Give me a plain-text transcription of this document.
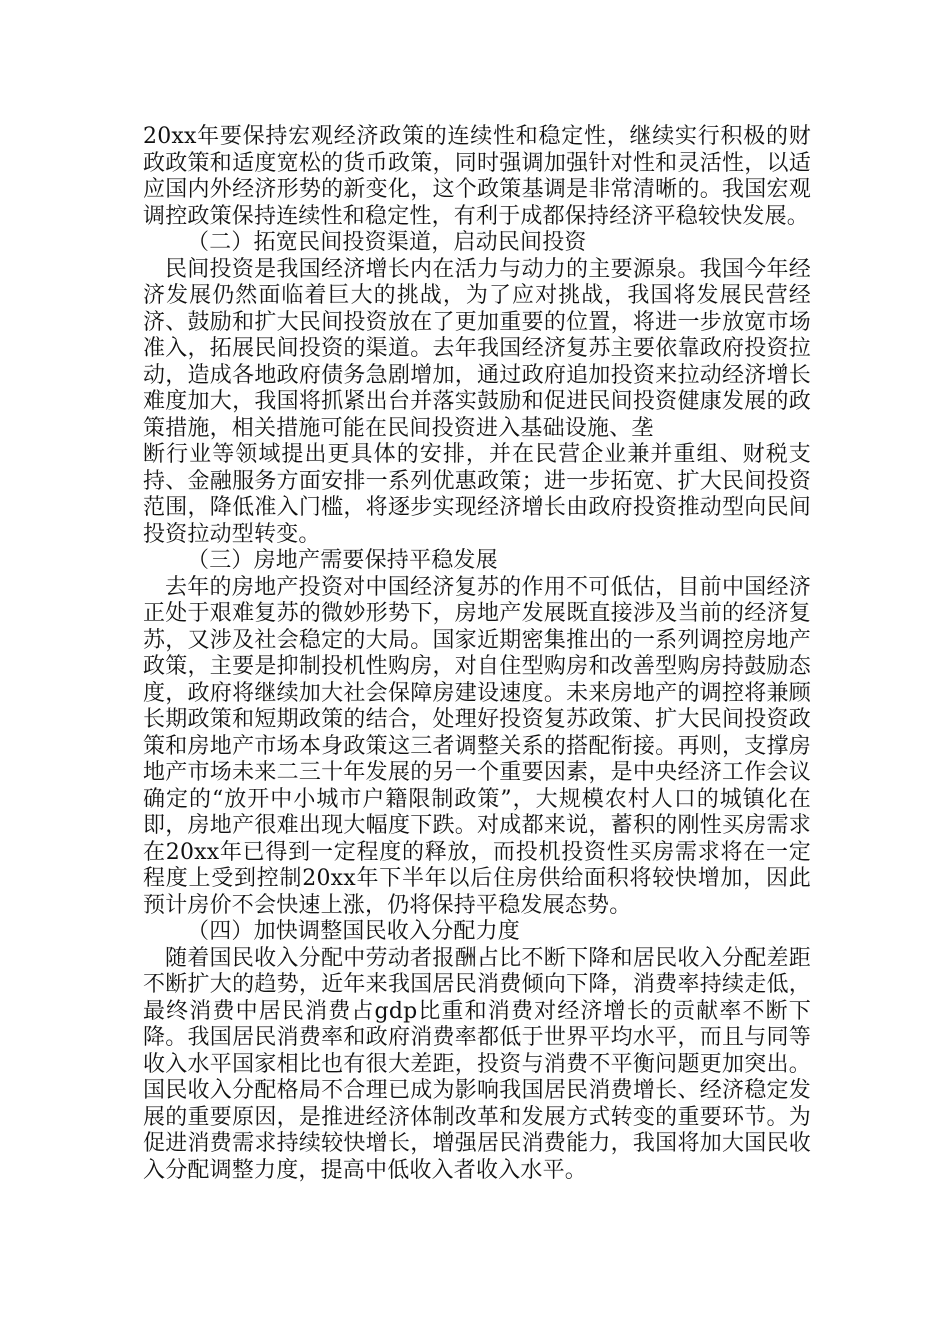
20xx年要保持宏观经济政策的连续性和稳定性，继续实行积极的财政政策和适度宽松的货币政策，同时强调加强针对性和灵活性，以适应国内外经济形势的新变化，这个政策基调是非常清晰的。我国宏观调控政策保持连续性和稳定性，有利于成都保持经济平稳较快发展。

（二）拓宽民间投资渠道，启动民间投资

民间投资是我国经济增长内在活力与动力的主要源泉。我国今年经济发展仍然面临着巨大的挑战，为了应对挑战，我国将发展民营经济、鼓励和扩大民间投资放在了更加重要的位置，将进一步放宽市场准入，拓展民间投资的渠道。去年我国经济复苏主要依靠政府投资拉动，造成各地政府债务急剧增加，通过政府追加投资来拉动经济增长难度加大，我国将抓紧出台并落实鼓励和促进民间投资健康发展的政策措施，相关措施可能在民间投资进入基础设施、垄

断行业等领域提出更具体的安排，并在民营企业兼并重组、财税支持、金融服务方面安排一系列优惠政策；进一步拓宽、扩大民间投资范围，降低准入门槛，将逐步实现经济增长由政府投资推动型向民间投资拉动型转变。

（三）房地产需要保持平稳发展

去年的房地产投资对中国经济复苏的作用不可低估，目前中国经济正处于艰难复苏的微妙形势下，房地产发展既直接涉及当前的经济复苏，又涉及社会稳定的大局。国家近期密集推出的一系列调控房地产政策，主要是抑制投机性购房，对自住型购房和改善型购房持鼓励态度，政府将继续加大社会保障房建设速度。未来房地产的调控将兼顾长期政策和短期政策的结合，处理好投资复苏政策、扩大民间投资政策和房地产市场本身政策这三者调整关系的搭配衔接。再则，支撑房地产市场未来二三十年发展的另一个重要因素，是中央经济工作会议确定的“放开中小城市户籍限制政策”，大规模农村人口的城镇化在即，房地产很难出现大幅度下跌。对成都来说，蓄积的刚性买房需求在20xx年已得到一定程度的释放，而投机投资性买房需求将在一定程度上受到控制20xx年下半年以后住房供给面积将较快增加，因此预计房价不会快速上涨，仍将保持平稳发展态势。

（四）加快调整国民收入分配力度

随着国民收入分配中劳动者报酬占比不断下降和居民收入分配差距不断扩大的趋势，近年来我国居民消费倾向下降，消费率持续走低，最终消费中居民消费占gdp比重和消费对经济增长的贡献率不断下降。我国居民消费率和政府消费率都低于世界平均水平，而且与同等收入水平国家相比也有很大差距，投资与消费不平衡问题更加突出。国民收入分配格局不合理已成为影响我国居民消费增长、经济稳定发展的重要原因，是推进经济体制改革和发展方式转变的重要环节。为促进消费需求持续较快增长，增强居民消费能力，我国将加大国民收入分配调整力度，提高中低收入者收入水平。
